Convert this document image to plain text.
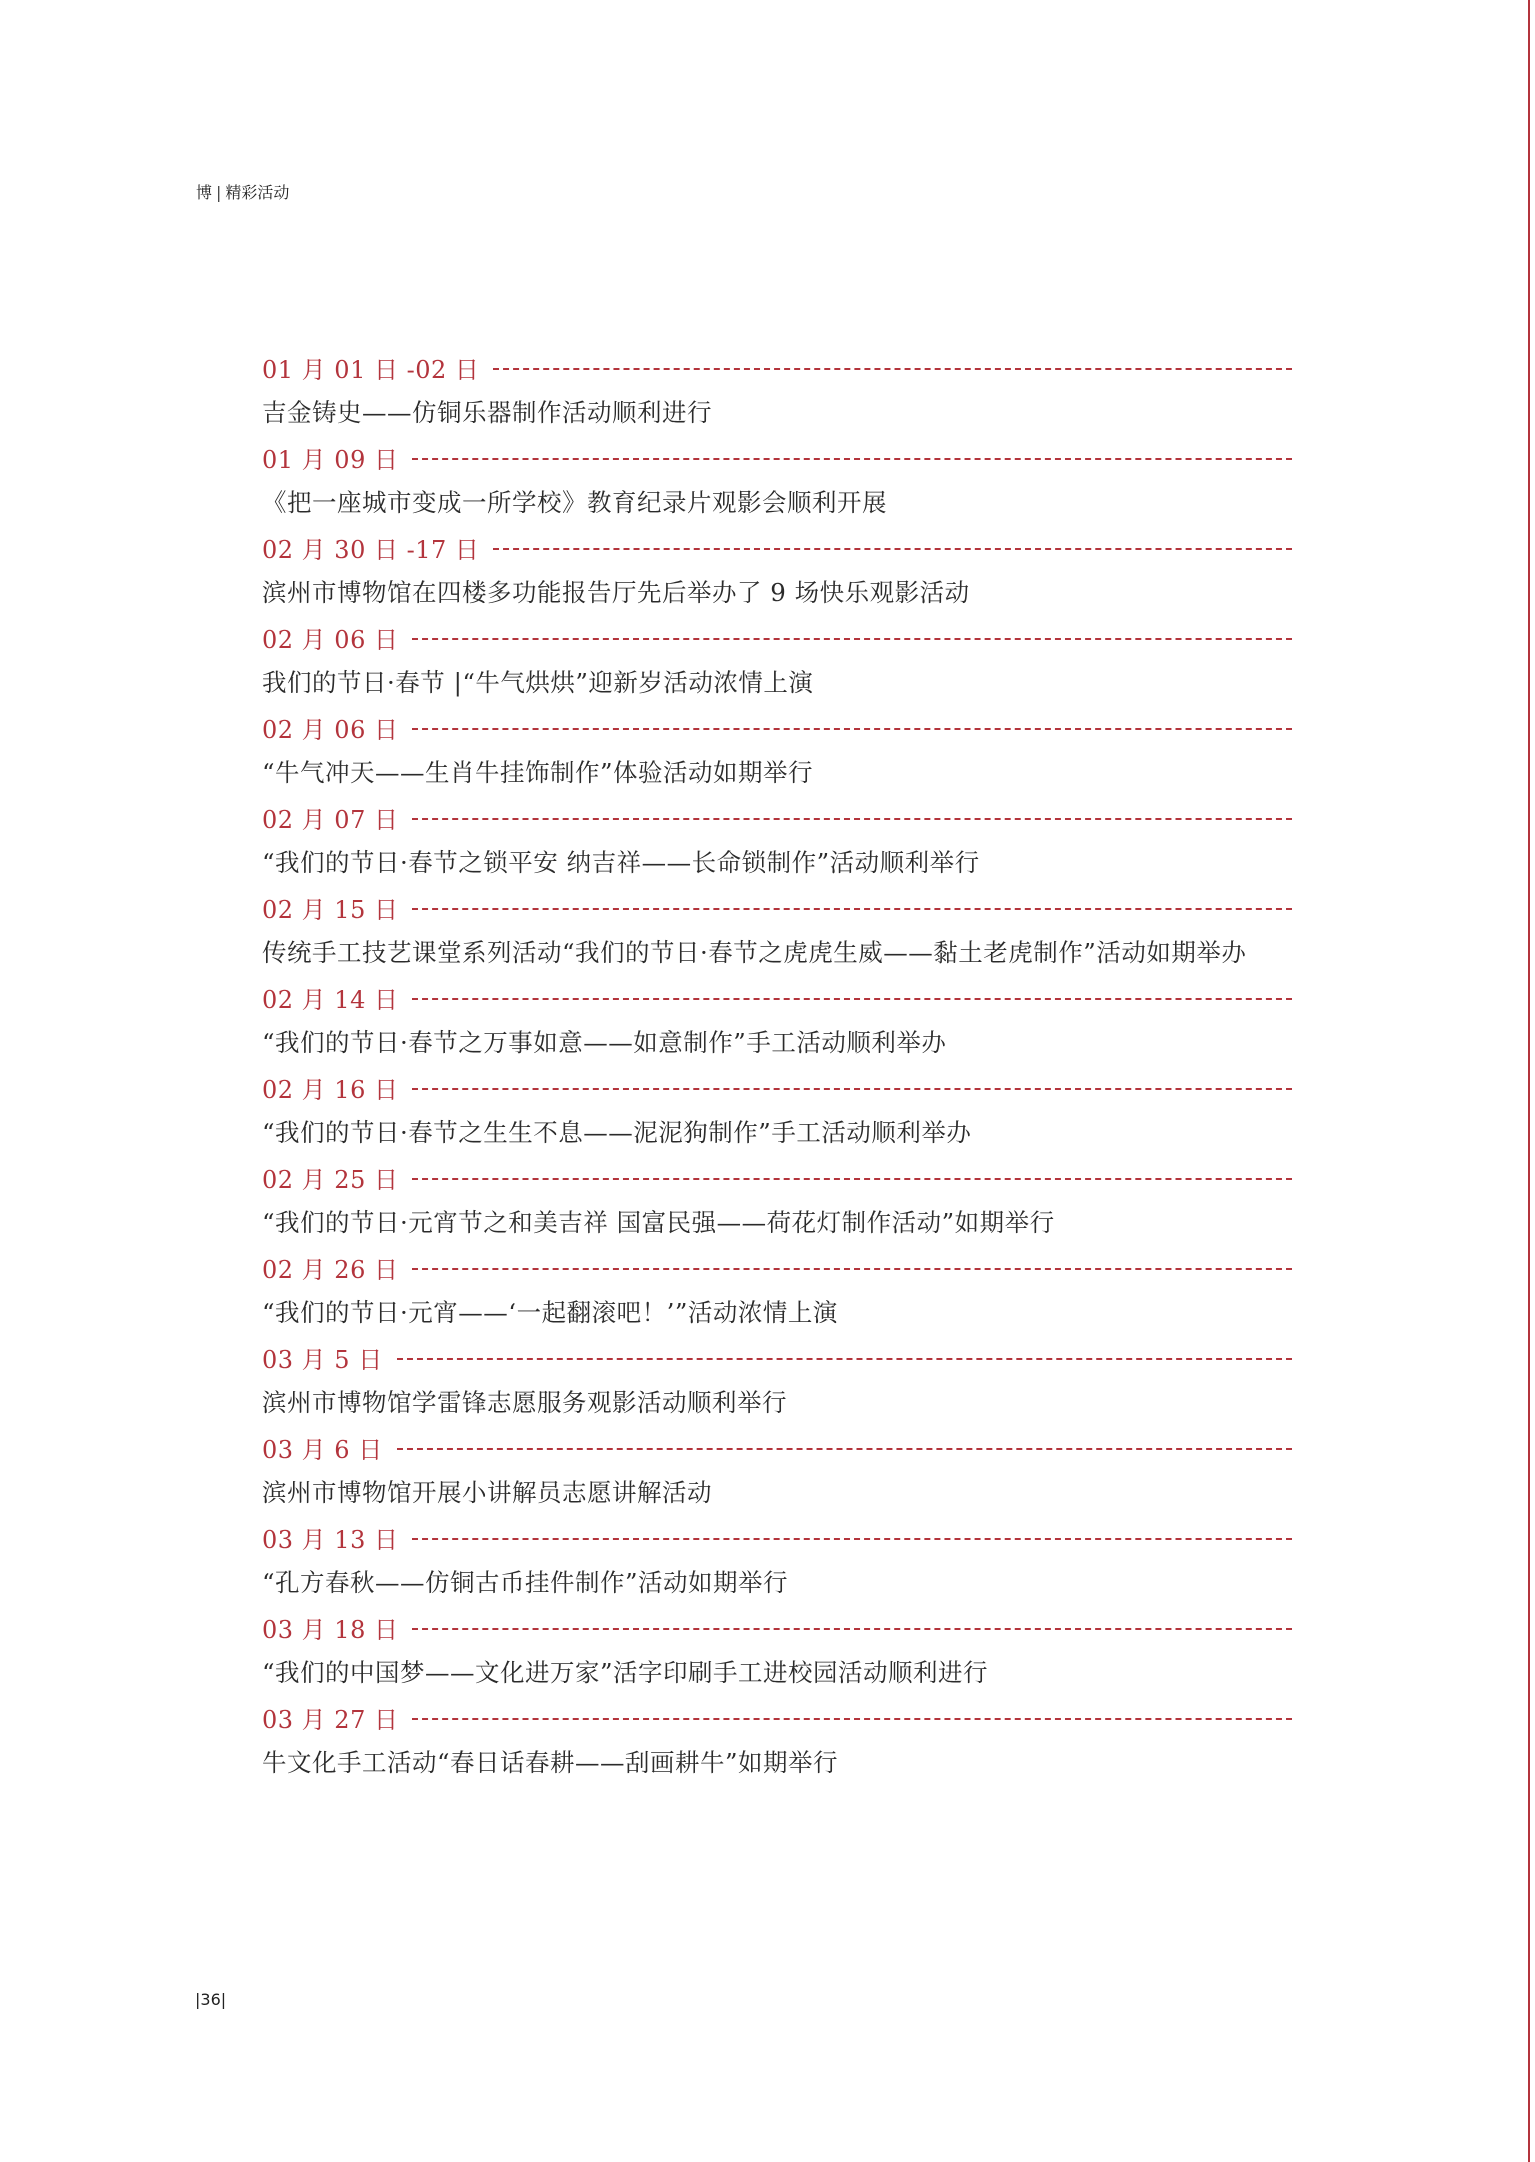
博 | 精彩活动
01 月 01 日 -02 日
吉金铸史——仿铜乐器制作活动顺利进行
01 月 09 日
《把一座城市变成一所学校》教育纪录片观影会顺利开展
02 月 30 日 -17 日
滨州市博物馆在四楼多功能报告厅先后举办了 9 场快乐观影活动
02 月 06 日
我们的节日·春节 |“牛气烘烘”迎新岁活动浓情上演
02 月 06 日
“牛气冲天——生肖牛挂饰制作”体验活动如期举行
02 月 07 日
“我们的节日·春节之锁平安 纳吉祥——长命锁制作”活动顺利举行
02 月 15 日
传统手工技艺课堂系列活动“我们的节日·春节之虎虎生威——黏土老虎制作”活动如期举办
02 月 14 日
“我们的节日·春节之万事如意——如意制作”手工活动顺利举办
02 月 16 日
“我们的节日·春节之生生不息——泥泥狗制作”手工活动顺利举办
02 月 25 日
“我们的节日·元宵节之和美吉祥 国富民强——荷花灯制作活动”如期举行
02 月 26 日
“我们的节日·元宵——‘一起翻滚吧！’”活动浓情上演
03 月 5 日
滨州市博物馆学雷锋志愿服务观影活动顺利举行
03 月 6 日
滨州市博物馆开展小讲解员志愿讲解活动
03 月 13 日
“孔方春秋——仿铜古币挂件制作”活动如期举行
03 月 18 日
“我们的中国梦——文化进万家”活字印刷手工进校园活动顺利进行
03 月 27 日
牛文化手工活动“春日话春耕——刮画耕牛”如期举行
|36|
